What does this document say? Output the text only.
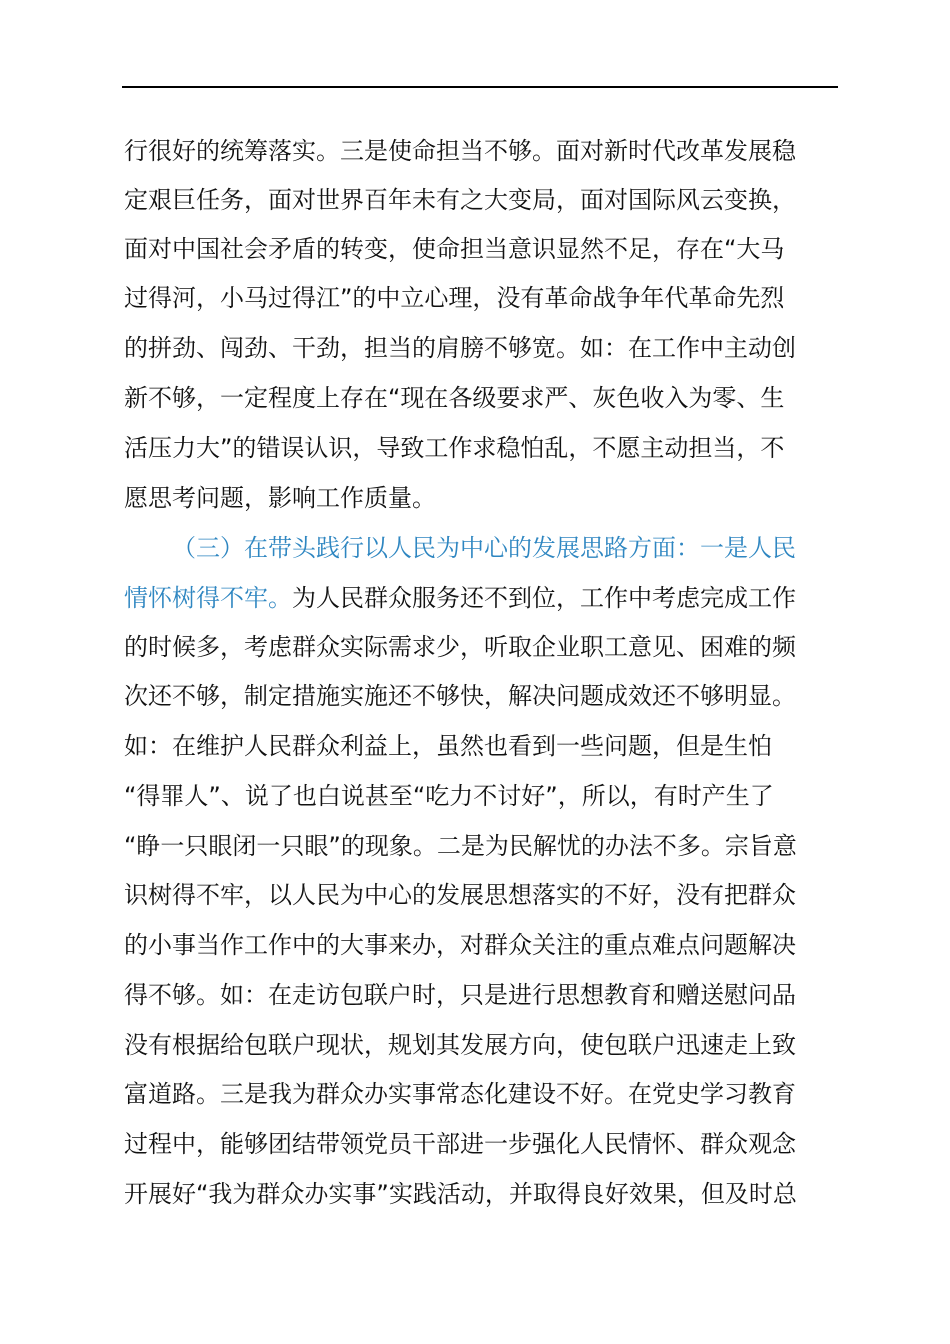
行很好的统筹落实。三是使命担当不够。面对新时代改革发展稳
定艰巨任务，面对世界百年未有之大变局，面对国际风云变换，
面对中国社会矛盾的转变，使命担当意识显然不足，存在“大马
过得河，小马过得江”的中立心理，没有革命战争年代革命先烈
的拼劲、闯劲、干劲，担当的肩膀不够宽。如：在工作中主动创
新不够，一定程度上存在“现在各级要求严、灰色收入为零、生
活压力大”的错误认识，导致工作求稳怕乱，不愿主动担当，不
愿思考问题，影响工作质量。
（三）在带头践行以人民为中心的发展思路方面：一是人民
情怀树得不牢。为人民群众服务还不到位，工作中考虑完成工作
的时候多，考虑群众实际需求少，听取企业职工意见、困难的频
次还不够，制定措施实施还不够快，解决问题成效还不够明显。
如：在维护人民群众利益上，虽然也看到一些问题，但是生怕
“得罪人”、说了也白说甚至“吃力不讨好”，所以，有时产生了
“睁一只眼闭一只眼”的现象。二是为民解忧的办法不多。宗旨意
识树得不牢，以人民为中心的发展思想落实的不好，没有把群众
的小事当作工作中的大事来办，对群众关注的重点难点问题解决
得不够。如：在走访包联户时，只是进行思想教育和赠送慰问品
没有根据给包联户现状，规划其发展方向，使包联户迅速走上致
富道路。三是我为群众办实事常态化建设不好。在党史学习教育
过程中，能够团结带领党员干部进一步强化人民情怀、群众观念
开展好“我为群众办实事”实践活动，并取得良好效果，但及时总
